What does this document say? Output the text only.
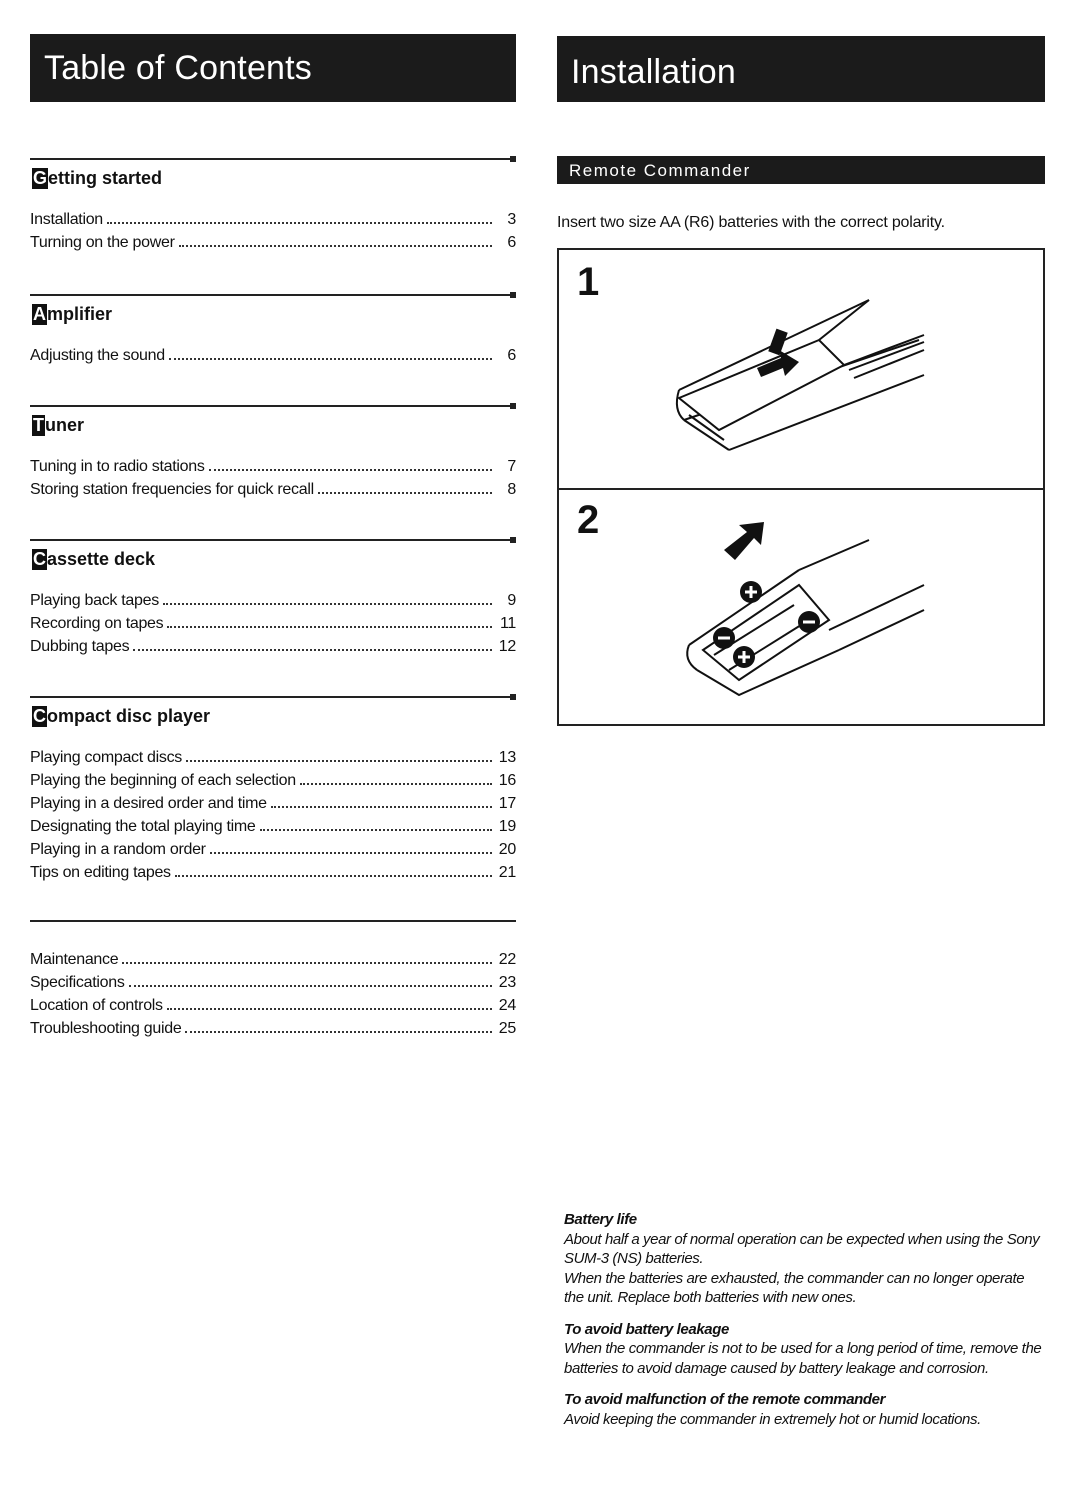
Table of Contents
Getting started
Installation	3
Turning on the power	6
Amplifier
Adjusting the sound	6
Tuner
Tuning in to radio stations	7
Storing station frequencies for quick recall	8
Cassette deck
Playing back tapes	9
Recording on tapes	11
Dubbing tapes	12
Compact disc player
Playing compact discs	13
Playing the beginning of each selection	16
Playing in a desired order and time	17
Designating the total playing time	19
Playing in a random order	20
Tips on editing tapes	21
Maintenance	22
Specifications	23
Location of controls	24
Troubleshooting guide	25
Installation
Remote Commander
Insert two size AA (R6) batteries with the correct polarity.
1
2
Battery life
About half a year of normal operation can be expected when using the Sony SUM-3 (NS) batteries.
When the batteries are exhausted, the commander can no longer operate the unit. Replace both batteries with new ones.
To avoid battery leakage
When the commander is not to be used for a long period of time, remove the batteries to avoid damage caused by battery leakage and corrosion.
To avoid malfunction of the remote commander
Avoid keeping the commander in extremely hot or humid locations.
